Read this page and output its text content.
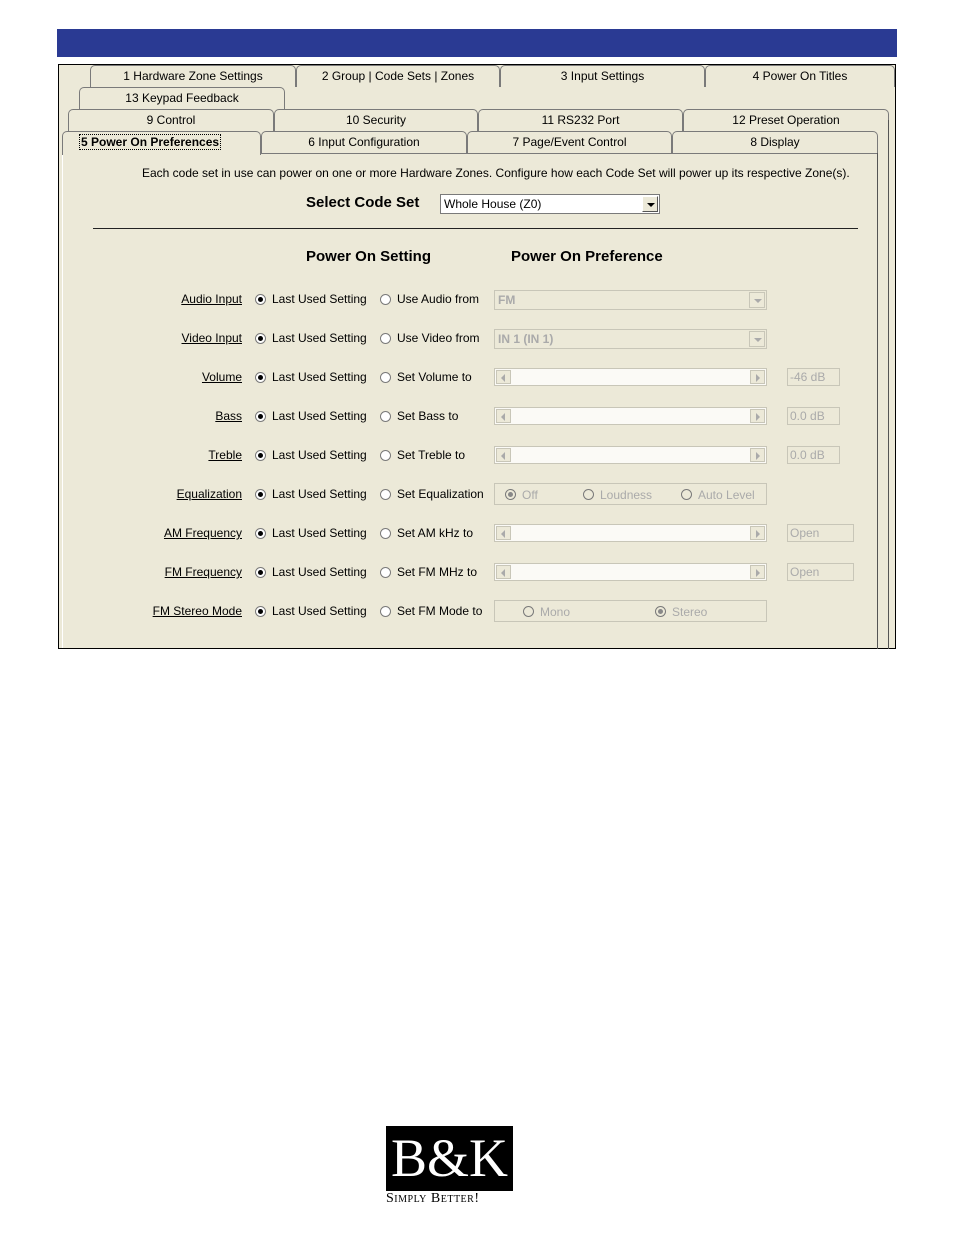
1 Hardware Zone Settings	2 Group | Code Sets | Zones	3 Input Settings	4 Power On Titles
13 Keypad Feedback
9 Control	10 Security	11 RS232 Port	12 Preset Operation
5 Power On Preferences	6 Input Configuration	7 Page/Event Control	8 Display
Each code set in use can power on one or more Hardware Zones. Configure how each Code Set will power up its respective Zone(s).
Select Code Set	Whole House (Z0)
Power On Setting	Power On Preference
Audio Input	Last Used Setting	Use Audio from	FM
Video Input	Last Used Setting	Use Video from	IN 1 (IN 1)
Volume	Last Used Setting	Set Volume to	-46 dB
Bass	Last Used Setting	Set Bass to	0.0 dB
Treble	Last Used Setting	Set Treble to	0.0 dB
Equalization	Last Used Setting	Set Equalization	Off	Loudness	Auto Level
AM Frequency	Last Used Setting	Set AM kHz to	Open
FM Frequency	Last Used Setting	Set FM MHz to	Open
FM Stereo Mode	Last Used Setting	Set FM Mode to	Mono	Stereo
B&K
Simply Better!
